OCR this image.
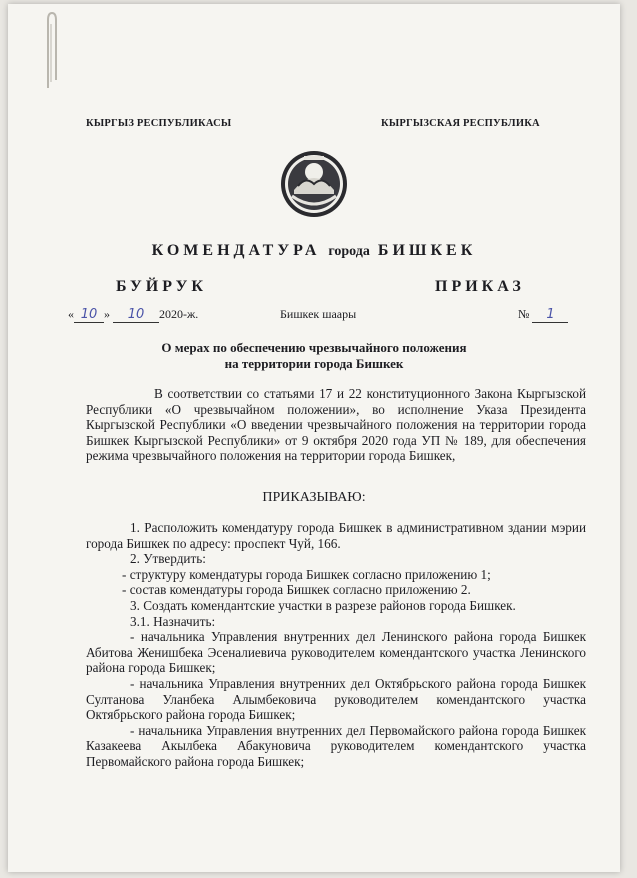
КЫРГЫЗ РЕСПУБЛИКАСЫ	КЫРГЫЗСКАЯ РЕСПУБЛИКА
КОМЕНДАТУРА города БИШКЕК
БУЙРУК	ПРИКАЗ
« 10 » 10 2020-ж.	Бишкек шаары	№ 1
О мерах по обеспечению чрезвычайного положения
на территории города Бишкек
В соответствии со статьями 17 и 22 конституционного Закона Кыргызской Республики «О чрезвычайном положении», во исполнение Указа Президента Кыргызской Республики «О введении чрезвычайного положения на территории города Бишкек Кыргызской Республики» от 9 октября 2020 года УП № 189, для обеспечения режима чрезвычайного положения на территории города Бишкек,
ПРИКАЗЫВАЮ:

1. Расположить комендатуру города Бишкек в административном здании мэрии города Бишкек по адресу: проспект Чуй, 166.

2. Утвердить:

- структуру комендатуры города Бишкек согласно приложению 1;

- состав комендатуры города Бишкек согласно приложению 2.

3. Создать комендантские участки в разрезе районов города Бишкек.

3.1. Назначить:

- начальника Управления внутренних дел Ленинского района города Бишкек Абитова Женишбека Эсеналиевича руководителем комендантского участка Ленинского района города Бишкек;

- начальника Управления внутренних дел Октябрьского района города Бишкек Султанова Уланбека Алымбековича руководителем комендантского участка Октябрьского района города Бишкек;

- начальника Управления внутренних дел Первомайского района города Бишкек Казакеева Акылбека Абакуновича руководителем комендантского участка Первомайского района города Бишкек;
